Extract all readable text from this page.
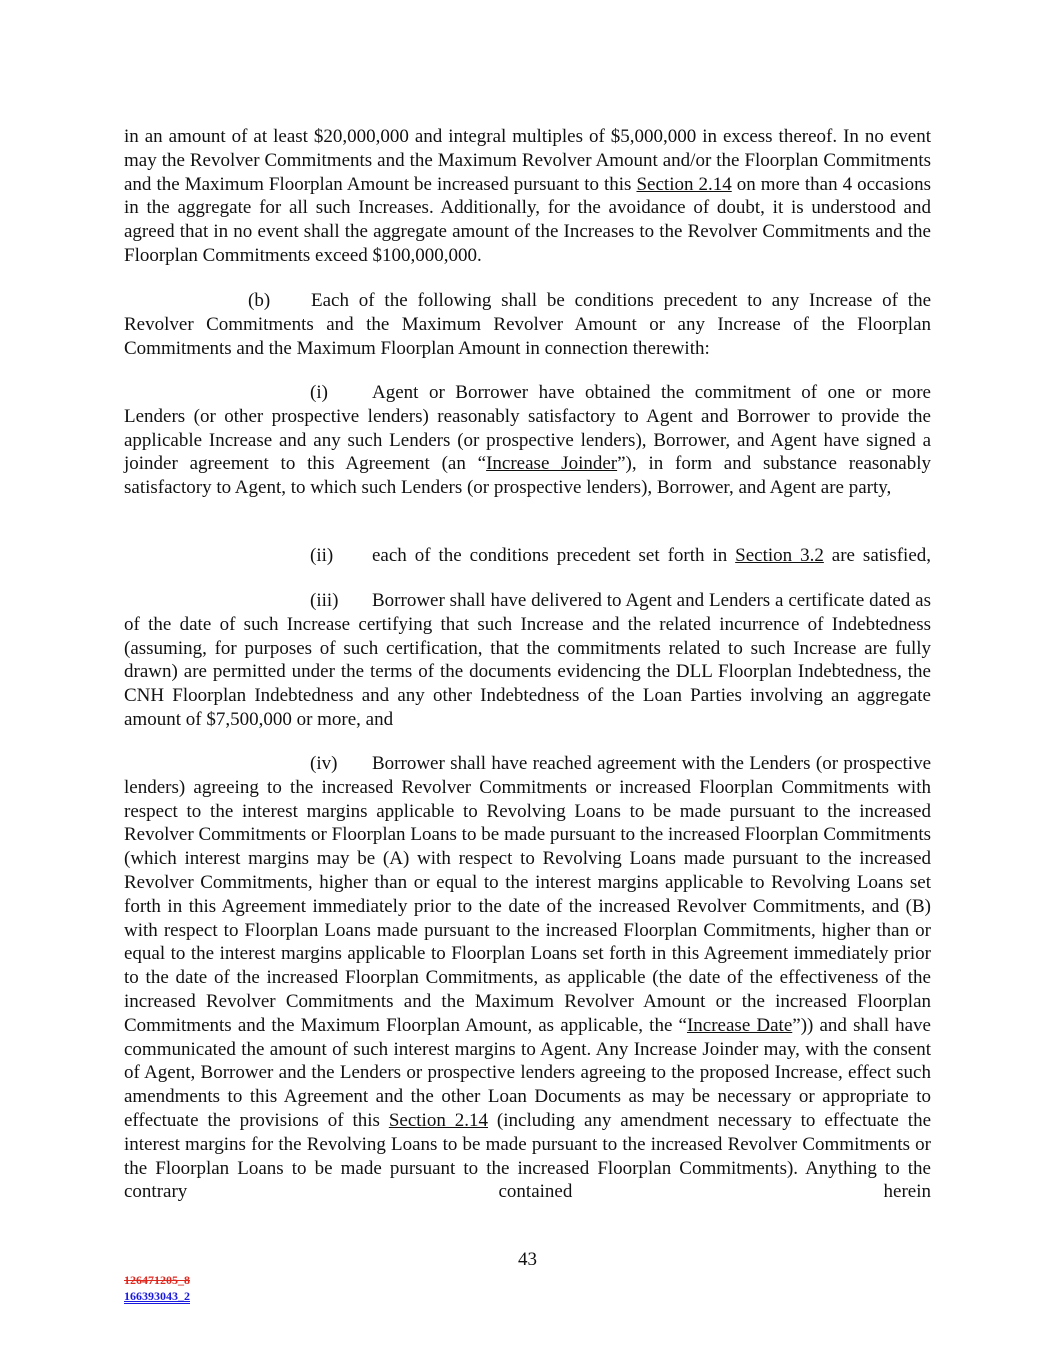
in an amount of at least $20,000,000 and integral multiples of $5,000,000 in excess thereof. In no event may the Revolver Commitments and the Maximum Revolver Amount and/or the Floorplan Commitments and the Maximum Floorplan Amount be increased pursuant to this Section 2.14 on more than 4 occasions in the aggregate for all such Increases. Additionally, for the avoidance of doubt, it is understood and agreed that in no event shall the aggregate amount of the Increases to the Revolver Commitments and the Floorplan Commitments exceed $100,000,000.

(b) Each of the following shall be conditions precedent to any Increase of the Revolver Commitments and the Maximum Revolver Amount or any Increase of the Floorplan Commitments and the Maximum Floorplan Amount in connection therewith:

(i) Agent or Borrower have obtained the commitment of one or more Lenders (or other prospective lenders) reasonably satisfactory to Agent and Borrower to provide the applicable Increase and any such Lenders (or prospective lenders), Borrower, and Agent have signed a joinder agreement to this Agreement (an “Increase Joinder”), in form and substance reasonably satisfactory to Agent, to which such Lenders (or prospective lenders), Borrower, and Agent are party,

(ii) each of the conditions precedent set forth in Section 3.2 are satisfied,

(iii) Borrower shall have delivered to Agent and Lenders a certificate dated as of the date of such Increase certifying that such Increase and the related incurrence of Indebtedness (assuming, for purposes of such certification, that the commitments related to such Increase are fully drawn) are permitted under the terms of the documents evidencing the DLL Floorplan Indebtedness, the CNH Floorplan Indebtedness and any other Indebtedness of the Loan Parties involving an aggregate amount of $7,500,000 or more, and

(iv) Borrower shall have reached agreement with the Lenders (or prospective lenders) agreeing to the increased Revolver Commitments or increased Floorplan Commitments with respect to the interest margins applicable to Revolving Loans to be made pursuant to the increased Revolver Commitments or Floorplan Loans to be made pursuant to the increased Floorplan Commitments (which interest margins may be (A) with respect to Revolving Loans made pursuant to the increased Revolver Commitments, higher than or equal to the interest margins applicable to Revolving Loans set forth in this Agreement immediately prior to the date of the increased Revolver Commitments, and (B) with respect to Floorplan Loans made pursuant to the increased Floorplan Commitments, higher than or equal to the interest margins applicable to Floorplan Loans set forth in this Agreement immediately prior to the date of the increased Floorplan Commitments, as applicable (the date of the effectiveness of the increased Revolver Commitments and the Maximum Revolver Amount or the increased Floorplan Commitments and the Maximum Floorplan Amount, as applicable, the “Increase Date”)) and shall have communicated the amount of such interest margins to Agent. Any Increase Joinder may, with the consent of Agent, Borrower and the Lenders or prospective lenders agreeing to the proposed Increase, effect such amendments to this Agreement and the other Loan Documents as may be necessary or appropriate to effectuate the provisions of this Section 2.14 (including any amendment necessary to effectuate the interest margins for the Revolving Loans to be made pursuant to the increased Revolver Commitments or the Floorplan Loans to be made pursuant to the increased Floorplan Commitments). Anything to the contrary contained herein

43
126471205_8
166393043_2
